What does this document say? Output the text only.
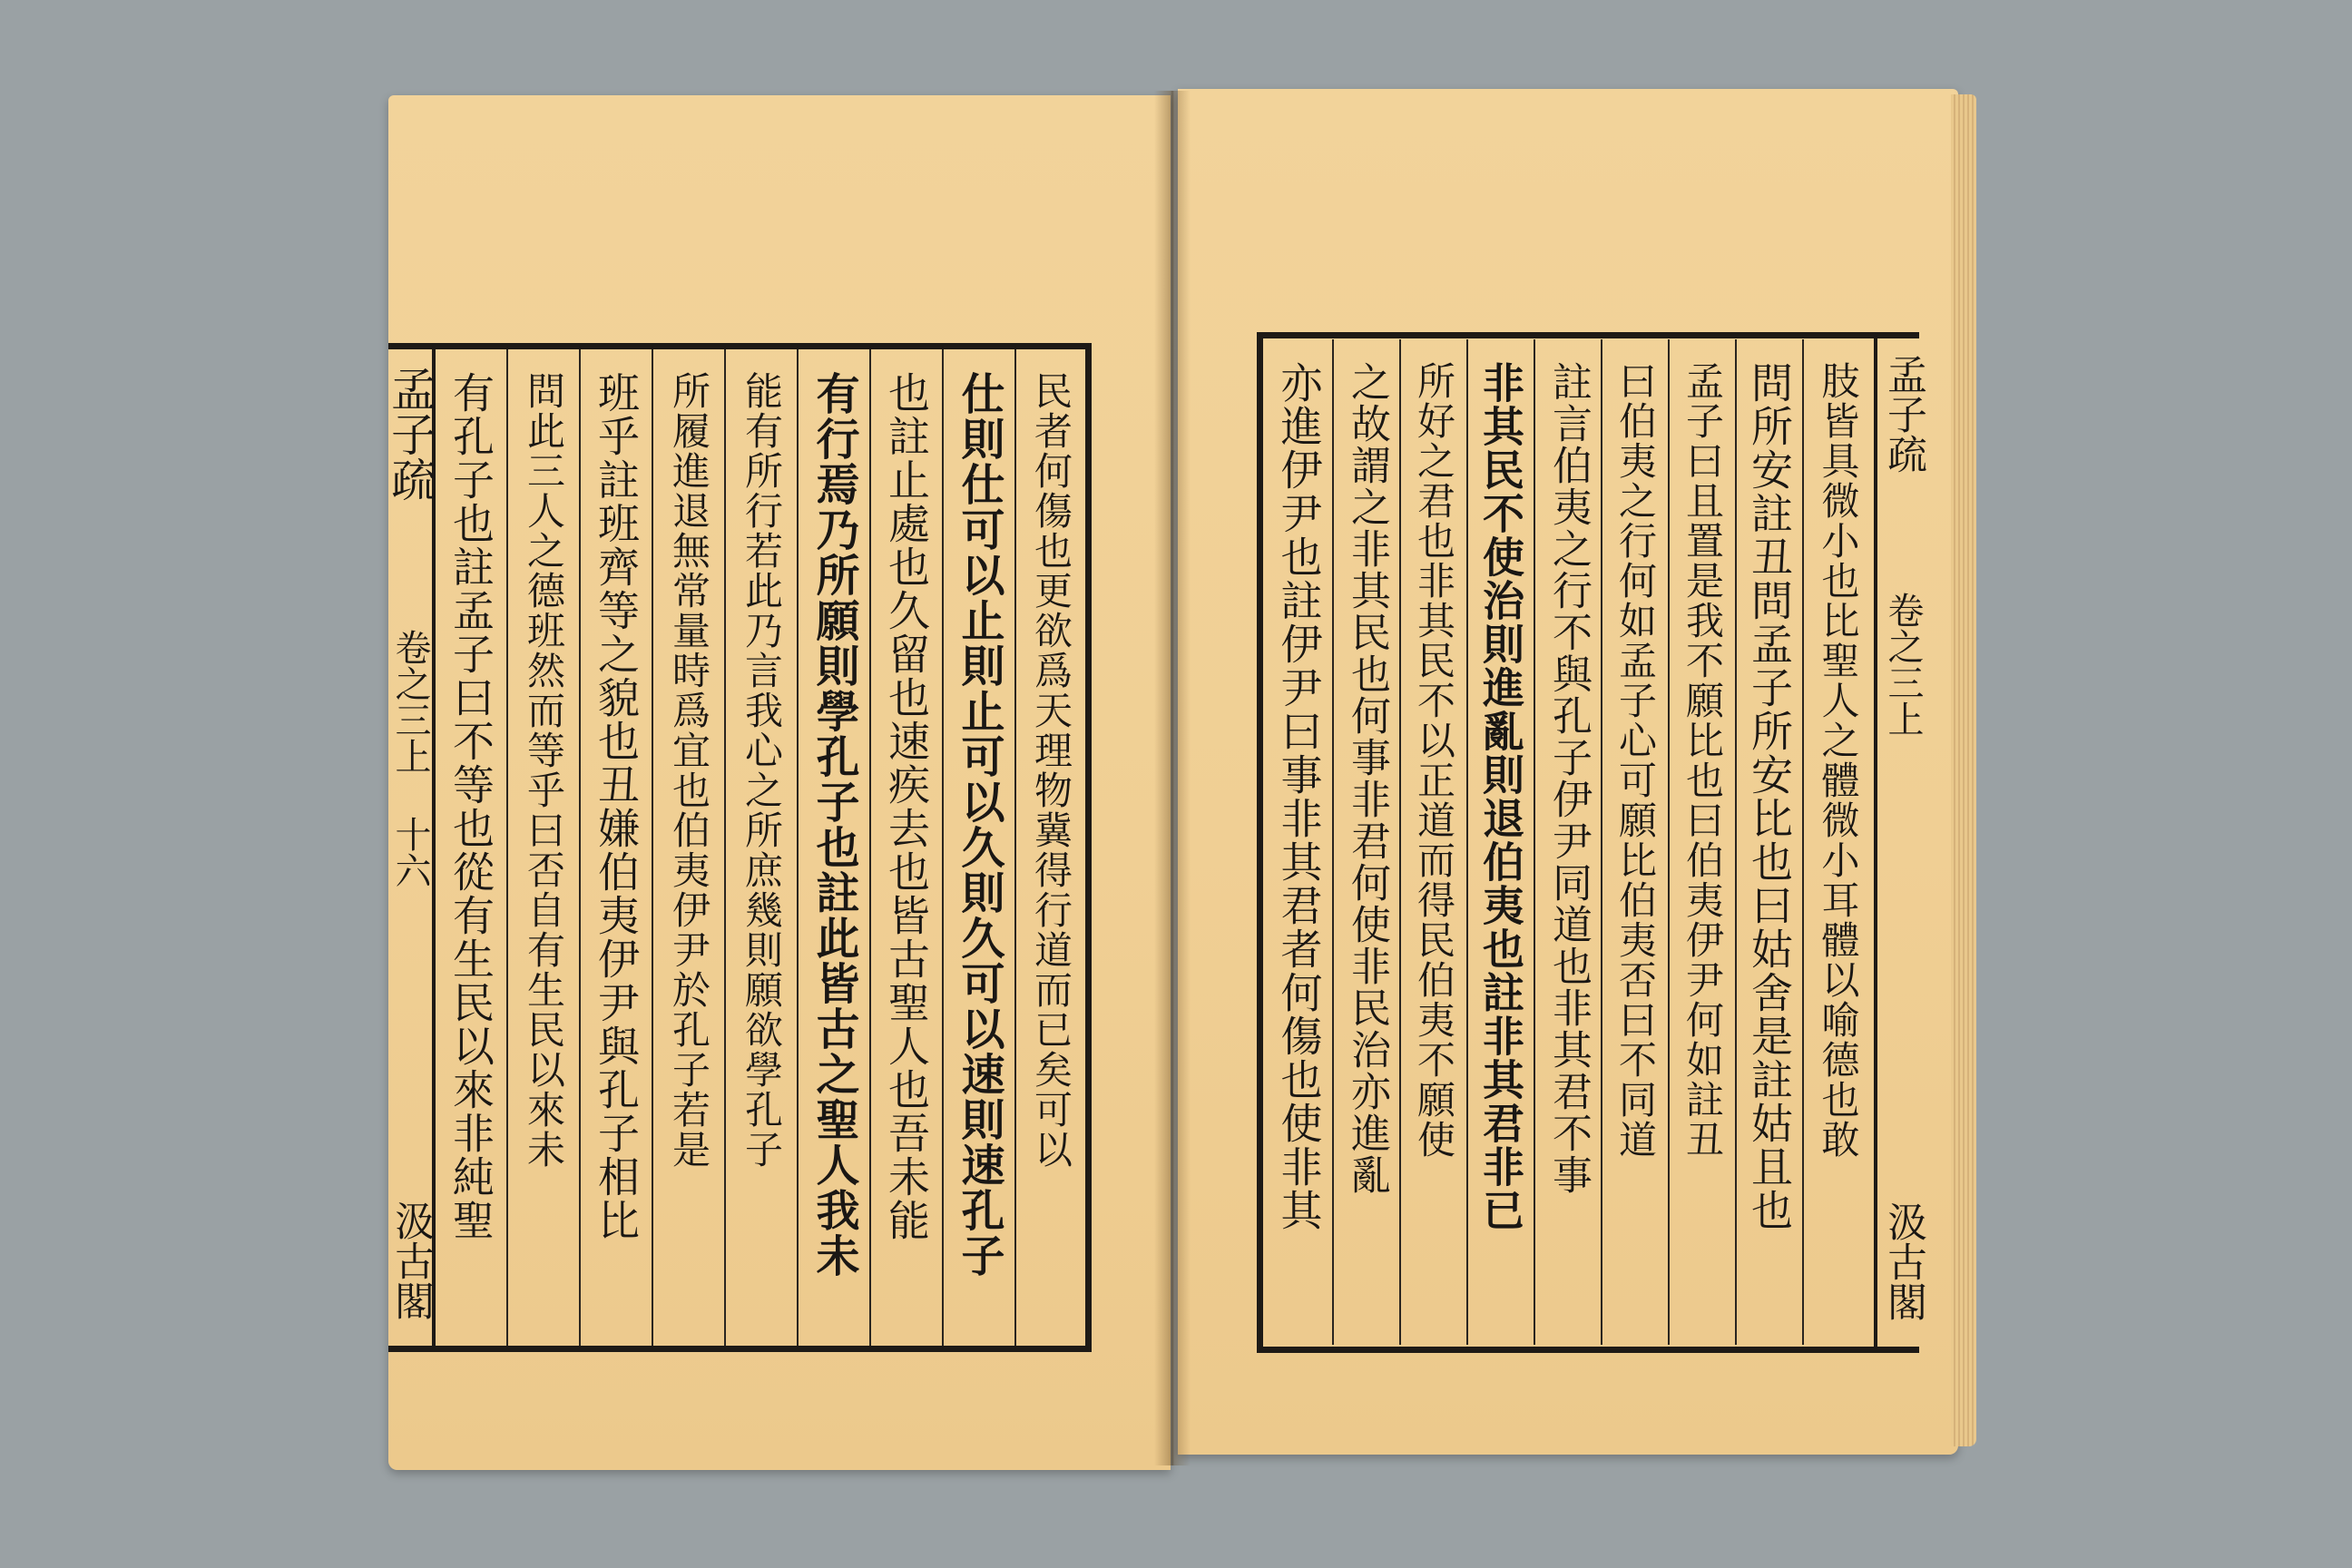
孟子疏
卷之三上 十六
汲古閣
有孔子也註孟子曰不等也從有生民以來非純聖 問此三人之德班然而等乎曰否自有生民以來未 班乎註班齊等之貌也丑嫌伯夷伊尹與孔子相比 所履進退無常量時爲宜也伯夷伊尹於孔子若是 能有所行若此乃言我心之所庶幾則願欲學孔子 有行焉乃所願則學孔子也註此皆古之聖人我未 也註止處也久留也速疾去也皆古聖人也吾未能 仕則仕可以止則止可以久則久可以速則速孔子 民者何傷也更欲爲天理物冀得行道而已矣可以	孟子疏
卷之三上
汲古閣
亦進伊尹也註伊尹曰事非其君者何傷也使非其 之故謂之非其民也何事非君何使非民治亦進亂 所好之君也非其民不以正道而得民伯夷不願使 非其民不使治則進亂則退伯夷也註非其君非已 註言伯夷之行不與孔子伊尹同道也非其君不事 曰伯夷之行何如孟子心可願比伯夷否曰不同道 孟子曰且置是我不願比也曰伯夷伊尹何如註丑 問所安註丑問孟子所安比也曰姑舍是註姑且也 肢皆具微小也比聖人之體微小耳體以喻德也敢
